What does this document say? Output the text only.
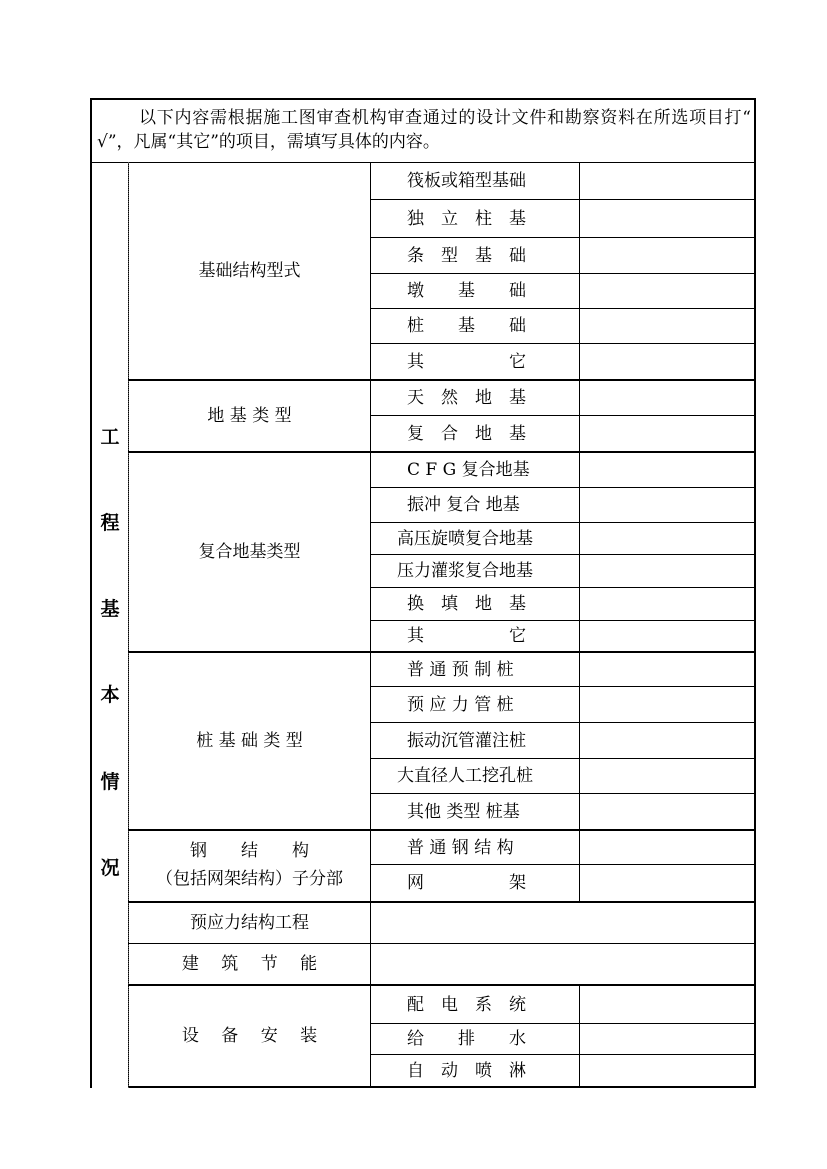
以下内容需根据施工图审查机构审查通过的设计文件和勘察资料在所选项目打“ √”，凡属“其它”的项目，需填写具体的内容。
工
程
基
本
情
况
基础结构型式
地 基 类 型
复合地基类型
桩 基 础 类 型
钢　　结　　构
（包括网架结构）子分部
预应力结构工程
建　 筑　 节　 能
设　 备　 安　 装
筏板或箱型基础
独　立　柱　基
条　型　基　础
墩　　基　　础
桩　　基　　础
其　　　　　它
天　然　地　基
复　合　地　基
C F G 复合地基
振冲 复合 地基
高压旋喷复合地基
压力灌浆复合地基
换　填　地　基
其　　　　　它
普 通 预 制 桩
预 应 力 管 桩
振动沉管灌注桩
大直径人工挖孔桩
其他 类型 桩基
普 通 钢 结 构
网　　　　　架
配　电　系　统
给　　排　　水
自　动　喷　淋
